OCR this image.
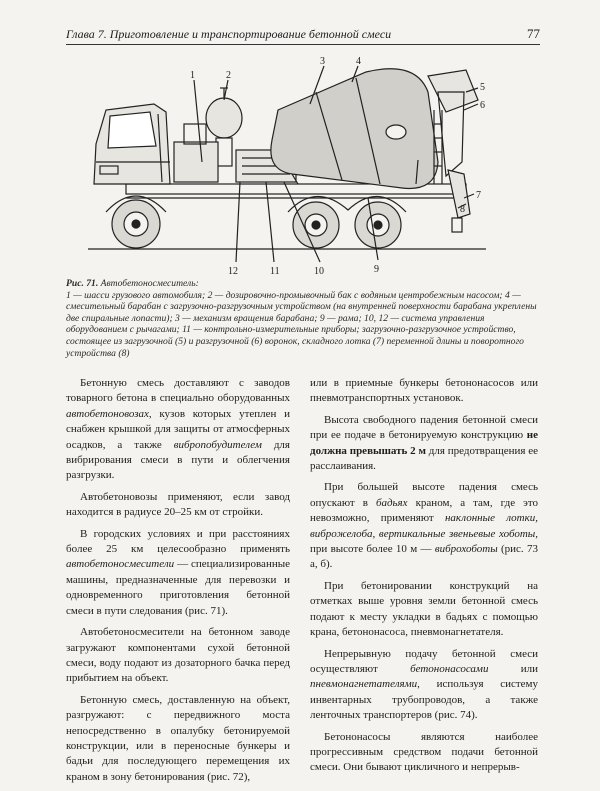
Глава 7. Приготовление и транспортирование бетонной смеси	77
1	2
3	4
5
6
7
8
9
10
11
12
Рис. 71. Автобетоносмеситель:
1 — шасси грузового автомобиля; 2 — дозировочно-промывочный бак с водяным центробежным насосом; 4 — смесительный барабан с загрузочно-разгрузочным устройством (на внутренней поверхности барабана укреплены две спиральные лопасти); 3 — механизм вращения барабана; 9 — рама; 10, 12 — система управления оборудованием с рычагами; 11 — контрольно-измерительные приборы; загрузочно-разгрузочное устройство, состоящее из загрузочной (5) и разгрузочной (6) воронок, складного лотка (7) переменной длины и поворотного устройства (8)

Бетонную смесь доставляют с заводов товарного бетона в специально оборудованных автобетоновозах, кузов которых утеплен и снабжен крышкой для защиты от атмосферных осадков, а также вибропобудителем для вибрирования смеси в пути и облегчения разгрузки.

Автобетоновозы применяют, если завод находится в радиусе 20–25 км от стройки.

В городских условиях и при расстояниях более 25 км целесообразно применять автобетоносмесители — специализированные машины, предназначенные для перевозки и одновременного приготовления бетонной смеси в пути следования (рис. 71).

Автобетоносмесители на бетонном заводе загружают компонентами сухой бетонной смеси, воду подают из дозаторного бачка перед прибытием на объект.

Бетонную смесь, доставленную на объект, разгружают: с передвижного моста непосредственно в опалубку бетонируемой конструкции, или в переносные бункеры и бадьи для последующего перемещения их краном в зону бетонирования (рис. 72),

или в приемные бункеры бетононасосов или пневмотранспортных установок.

Высота свободного падения бетонной смеси при ее подаче в бетонируемую конструкцию не должна превышать 2 м для предотвращения ее расслаивания.

При большей высоте падения смесь опускают в бадьях краном, а там, где это невозможно, применяют наклонные лотки, виброжелоба, вертикальные звеньевые хоботы, при высоте более 10 м — виброхоботы (рис. 73 а, б).

При бетонировании конструкций на отметках выше уровня земли бетонной смесь подают к месту укладки в бадьях с помощью крана, бетононасоса, пневмонагнетателя.

Непрерывную подачу бетонной смеси осуществляют бетононасосами или пневмонагнетателями, используя систему инвентарных трубопроводов, а также ленточных транспортеров (рис. 74).

Бетононасосы являются наиболее прогрессивным средством подачи бетонной смеси. Они бывают цикличного и непрерыв-
